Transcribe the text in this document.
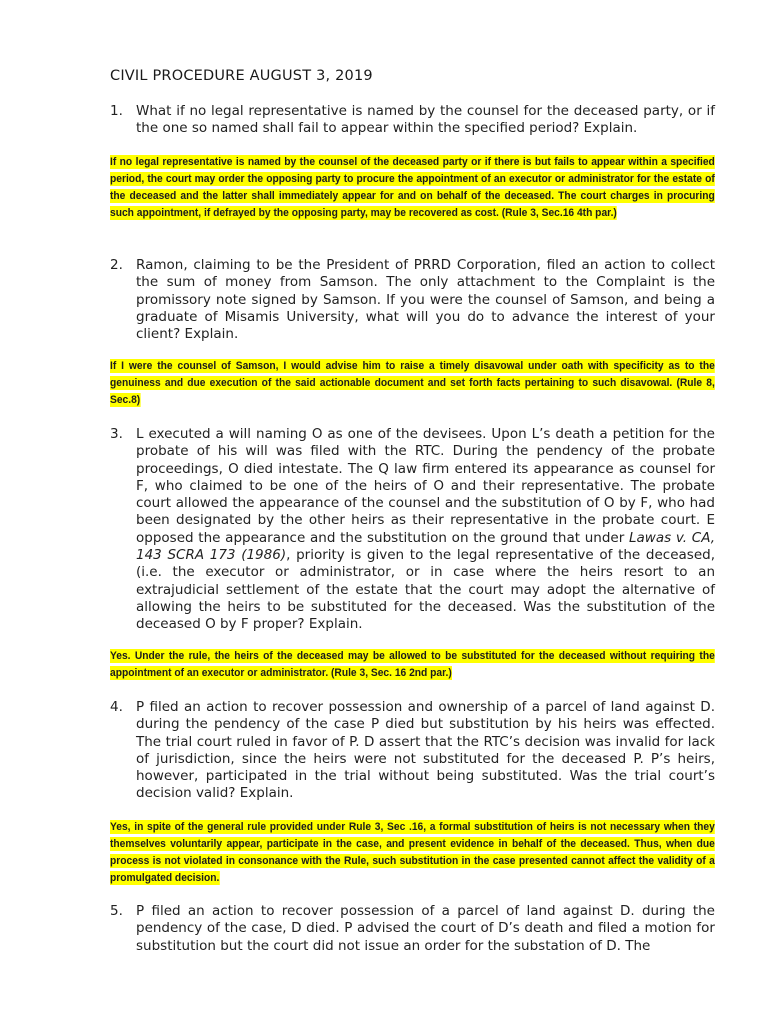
CIVIL PROCEDURE AUGUST 3, 2019
1. What if no legal representative is named by the counsel for the deceased party, or if the one so named shall fail to appear within the specified period? Explain.
If no legal representative is named by the counsel of the deceased party or if there is but fails to appear within a specified period, the court may order the opposing party to procure the appointment of an executor or administrator for the estate of the deceased and the latter shall immediately appear for and on behalf of the deceased. The court charges in procuring such appointment, if defrayed by the opposing party, may be recovered as cost. (Rule 3, Sec.16 4th par.)
2. Ramon, claiming to be the President of PRRD Corporation, filed an action to collect the sum of money from Samson. The only attachment to the Complaint is the promissory note signed by Samson. If you were the counsel of Samson, and being a graduate of Misamis University, what will you do to advance the interest of your client? Explain.
If I were the counsel of Samson, I would advise him to raise a timely disavowal under oath with specificity as to the genuiness and due execution of the said actionable document and set forth facts pertaining to such disavowal. (Rule 8, Sec.8)
3. L executed a will naming O as one of the devisees. Upon L’s death a petition for the probate of his will was filed with the RTC. During the pendency of the probate proceedings, O died intestate. The Q law firm entered its appearance as counsel for F, who claimed to be one of the heirs of O and their representative. The probate court allowed the appearance of the counsel and the substitution of O by F, who had been designated by the other heirs as their representative in the probate court. E opposed the appearance and the substitution on the ground that under Lawas v. CA, 143 SCRA 173 (1986), priority is given to the legal representative of the deceased, (i.e. the executor or administrator, or in case where the heirs resort to an extrajudicial settlement of the estate that the court may adopt the alternative of allowing the heirs to be substituted for the deceased. Was the substitution of the deceased O by F proper? Explain.
Yes. Under the rule, the heirs of the deceased may be allowed to be substituted for the deceased without requiring the appointment of an executor or administrator. (Rule 3, Sec. 16 2nd par.)
4. P filed an action to recover possession and ownership of a parcel of land against D. during the pendency of the case P died but substitution by his heirs was effected. The trial court ruled in favor of P. D assert that the RTC’s decision was invalid for lack of jurisdiction, since the heirs were not substituted for the deceased P. P’s heirs, however, participated in the trial without being substituted. Was the trial court’s decision valid? Explain.
Yes, in spite of the general rule provided under Rule 3, Sec .16, a formal substitution of heirs is not necessary when they themselves voluntarily appear, participate in the case, and present evidence in behalf of the deceased. Thus, when due process is not violated in consonance with the Rule, such substitution in the case presented cannot affect the validity of a promulgated decision.
5. P filed an action to recover possession of a parcel of land against D. during the pendency of the case, D died. P advised the court of D’s death and filed a motion for substitution but the court did not issue an order for the substation of D. The
